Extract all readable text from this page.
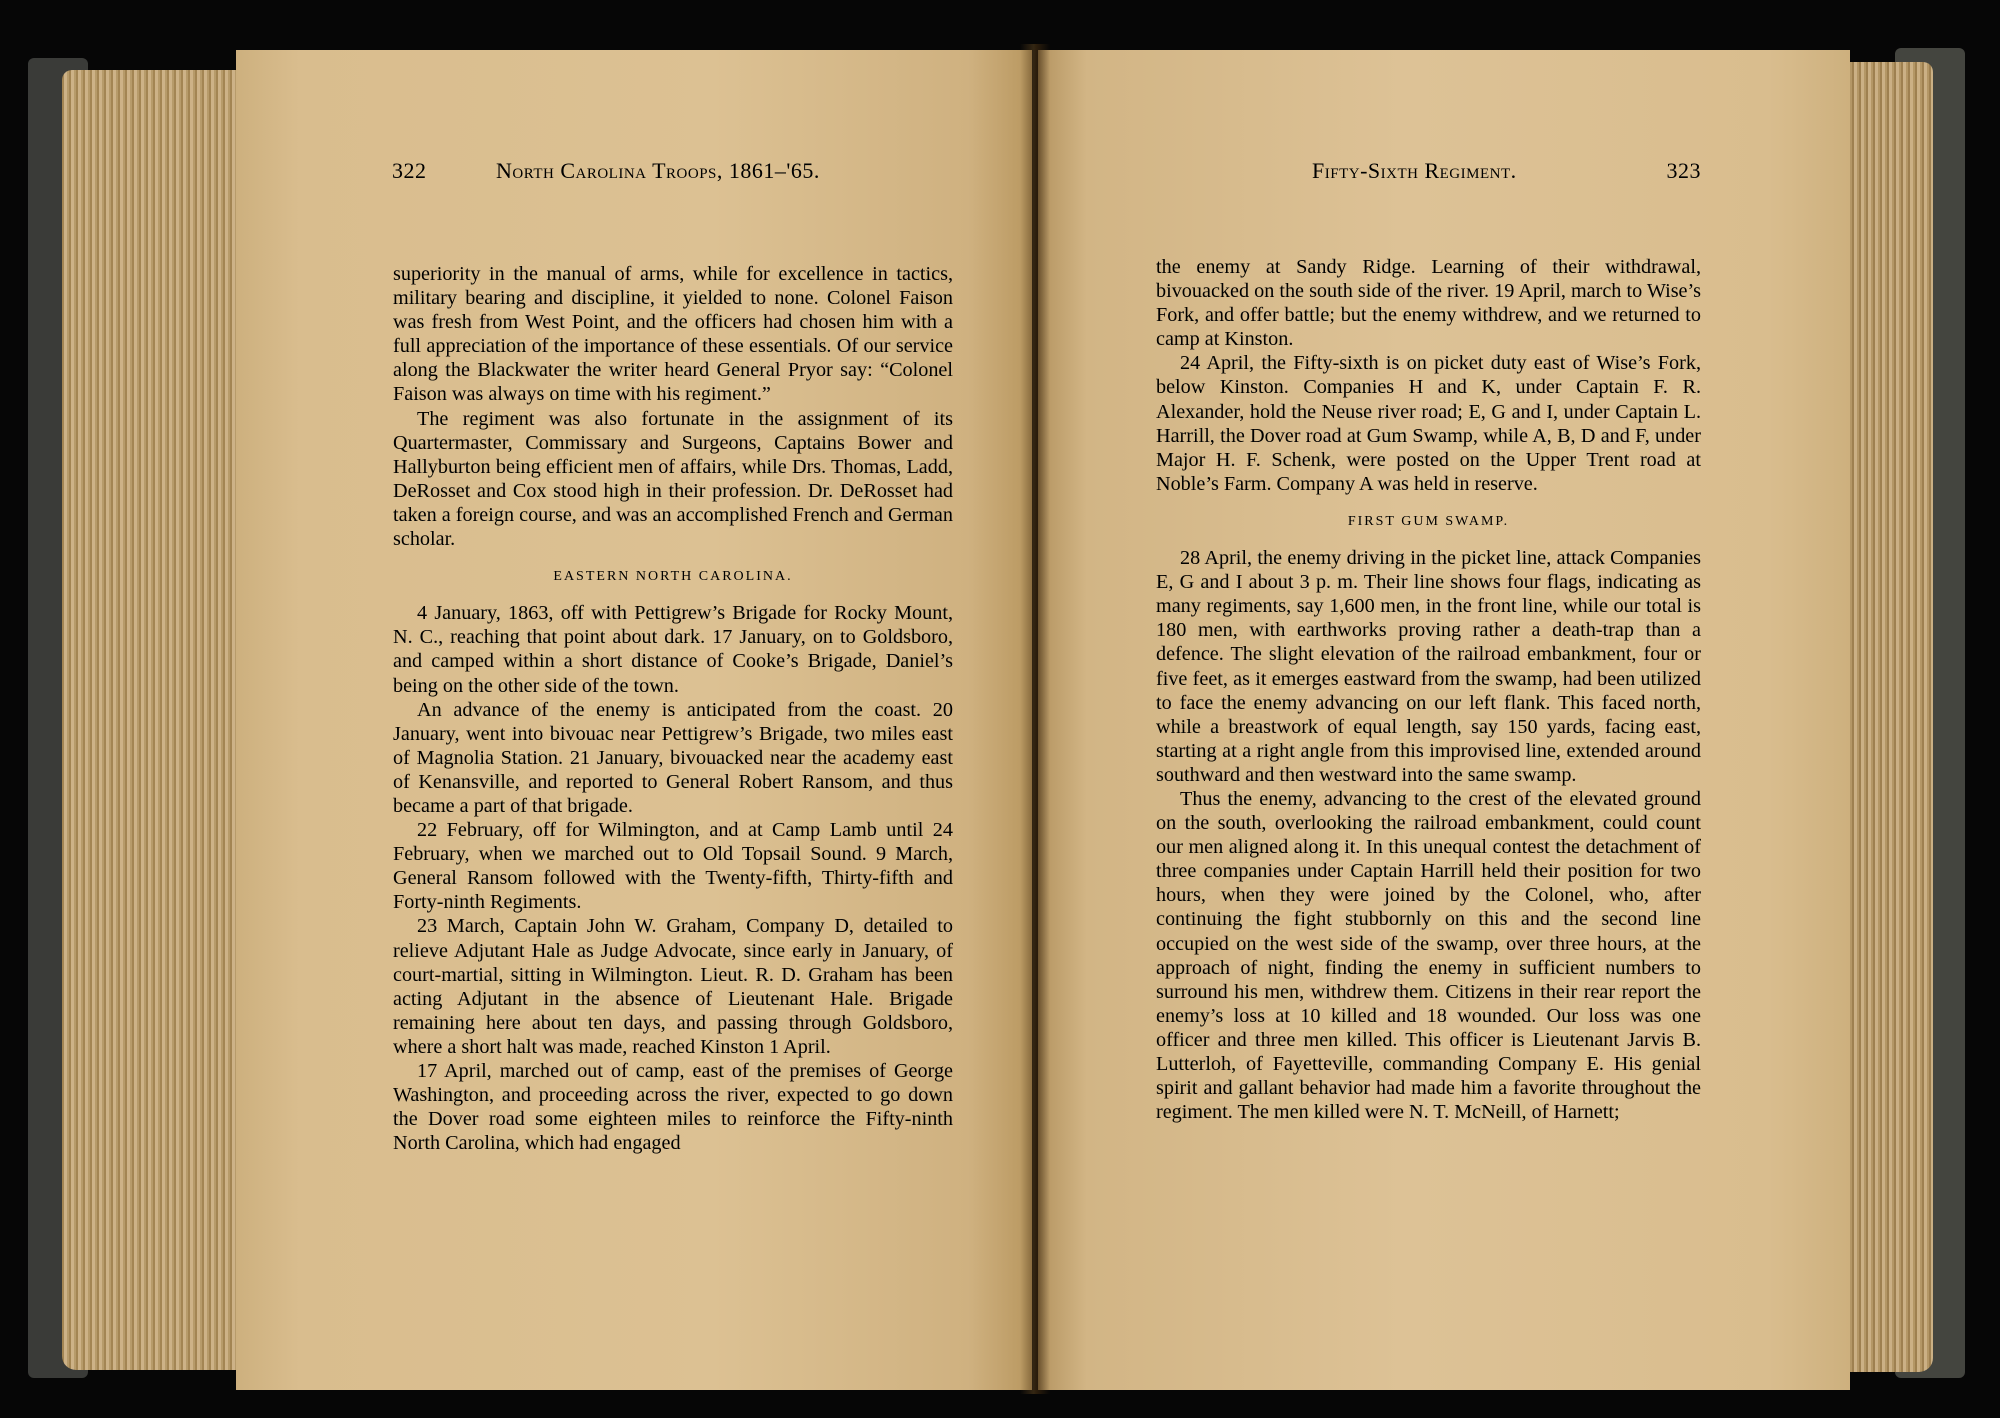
322	North Carolina Troops, 1861–'65.

superiority in the manual of arms, while for excellence in tactics, military bearing and discipline, it yielded to none. Colonel Faison was fresh from West Point, and the officers had chosen him with a full appreciation of the importance of these essentials. Of our service along the Blackwater the writer heard General Pryor say: “Colonel Faison was always on time with his regiment.”

The regiment was also fortunate in the assignment of its Quartermaster, Commissary and Surgeons, Captains Bower and Hallyburton being efficient men of affairs, while Drs. Thomas, Ladd, DeRosset and Cox stood high in their profession. Dr. DeRosset had taken a foreign course, and was an accomplished French and German scholar.

EASTERN NORTH CAROLINA.

4 January, 1863, off with Pettigrew’s Brigade for Rocky Mount, N. C., reaching that point about dark. 17 January, on to Goldsboro, and camped within a short distance of Cooke’s Brigade, Daniel’s being on the other side of the town.

An advance of the enemy is anticipated from the coast. 20 January, went into bivouac near Pettigrew’s Brigade, two miles east of Magnolia Station. 21 January, bivouacked near the academy east of Kenansville, and reported to General Robert Ransom, and thus became a part of that brigade.

22 February, off for Wilmington, and at Camp Lamb until 24 February, when we marched out to Old Topsail Sound. 9 March, General Ransom followed with the Twenty-fifth, Thirty-fifth and Forty-ninth Regiments.

23 March, Captain John W. Graham, Company D, detailed to relieve Adjutant Hale as Judge Advocate, since early in January, of court-martial, sitting in Wilmington. Lieut. R. D. Graham has been acting Adjutant in the absence of Lieutenant Hale. Brigade remaining here about ten days, and passing through Goldsboro, where a short halt was made, reached Kinston 1 April.

17 April, marched out of camp, east of the premises of George Washington, and proceeding across the river, expected to go down the Dover road some eighteen miles to reinforce the Fifty-ninth North Carolina, which had engaged

Fifty-Sixth Regiment.	323

the enemy at Sandy Ridge. Learning of their withdrawal, bivouacked on the south side of the river. 19 April, march to Wise’s Fork, and offer battle; but the enemy withdrew, and we returned to camp at Kinston.

24 April, the Fifty-sixth is on picket duty east of Wise’s Fork, below Kinston. Companies H and K, under Captain F. R. Alexander, hold the Neuse river road; E, G and I, under Captain L. Harrill, the Dover road at Gum Swamp, while A, B, D and F, under Major H. F. Schenk, were posted on the Upper Trent road at Noble’s Farm. Company A was held in reserve.

FIRST GUM SWAMP.

28 April, the enemy driving in the picket line, attack Companies E, G and I about 3 p. m. Their line shows four flags, indicating as many regiments, say 1,600 men, in the front line, while our total is 180 men, with earthworks proving rather a death-trap than a defence. The slight elevation of the railroad embankment, four or five feet, as it emerges eastward from the swamp, had been utilized to face the enemy advancing on our left flank. This faced north, while a breastwork of equal length, say 150 yards, facing east, starting at a right angle from this improvised line, extended around southward and then westward into the same swamp.

Thus the enemy, advancing to the crest of the elevated ground on the south, overlooking the railroad embankment, could count our men aligned along it. In this unequal contest the detachment of three companies under Captain Harrill held their position for two hours, when they were joined by the Colonel, who, after continuing the fight stubbornly on this and the second line occupied on the west side of the swamp, over three hours, at the approach of night, finding the enemy in sufficient numbers to surround his men, withdrew them. Citizens in their rear report the enemy’s loss at 10 killed and 18 wounded. Our loss was one officer and three men killed. This officer is Lieutenant Jarvis B. Lutterloh, of Fayetteville, commanding Company E. His genial spirit and gallant behavior had made him a favorite throughout the regiment. The men killed were N. T. McNeill, of Harnett;
